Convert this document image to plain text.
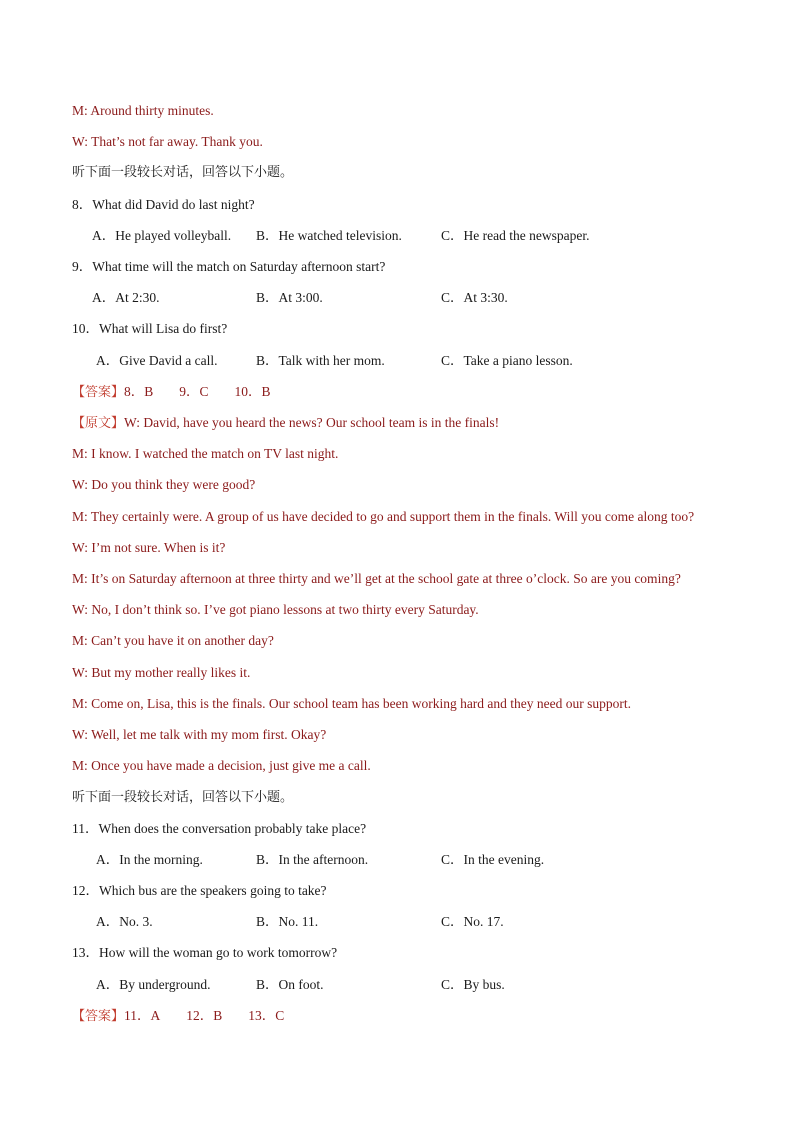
M: Around thirty minutes.
W: That’s not far away. Thank you.
听下面一段较长对话，回答以下小题。
8．What did David do last night?
A．He played volleyball. B．He watched television.	C．He read the newspaper.
9．What time will the match on Saturday afternoon start?
A．At 2:30.	B．At 3:00.	C．At 3:30.
10．What will Lisa do first?
A．Give David a call.	B．Talk with her mom.	C．Take a piano lesson.
【答案】8．B 9．C 10．B
【原文】W: David, have you heard the news? Our school team is in the finals!
M: I know. I watched the match on TV last night.
W: Do you think they were good?
M: They certainly were. A group of us have decided to go and support them in the finals. Will you come along too?
W: I’m not sure. When is it?
M: It’s on Saturday afternoon at three thirty and we’ll get at the school gate at three o’clock. So are you coming?
W: No, I don’t think so. I’ve got piano lessons at two thirty every Saturday.
M: Can’t you have it on another day?
W: But my mother really likes it.
M: Come on, Lisa, this is the finals. Our school team has been working hard and they need our support.
W: Well, let me talk with my mom first. Okay?
M: Once you have made a decision, just give me a call.
听下面一段较长对话，回答以下小题。
11．When does the conversation probably take place?
A．In the morning.	B．In the afternoon.	C．In the evening.
12．Which bus are the speakers going to take?
A．No. 3.	B．No. 11.	C．No. 17.
13．How will the woman go to work tomorrow?
A．By underground.	B．On foot.	C．By bus.
【答案】11．A 12．B 13．C
